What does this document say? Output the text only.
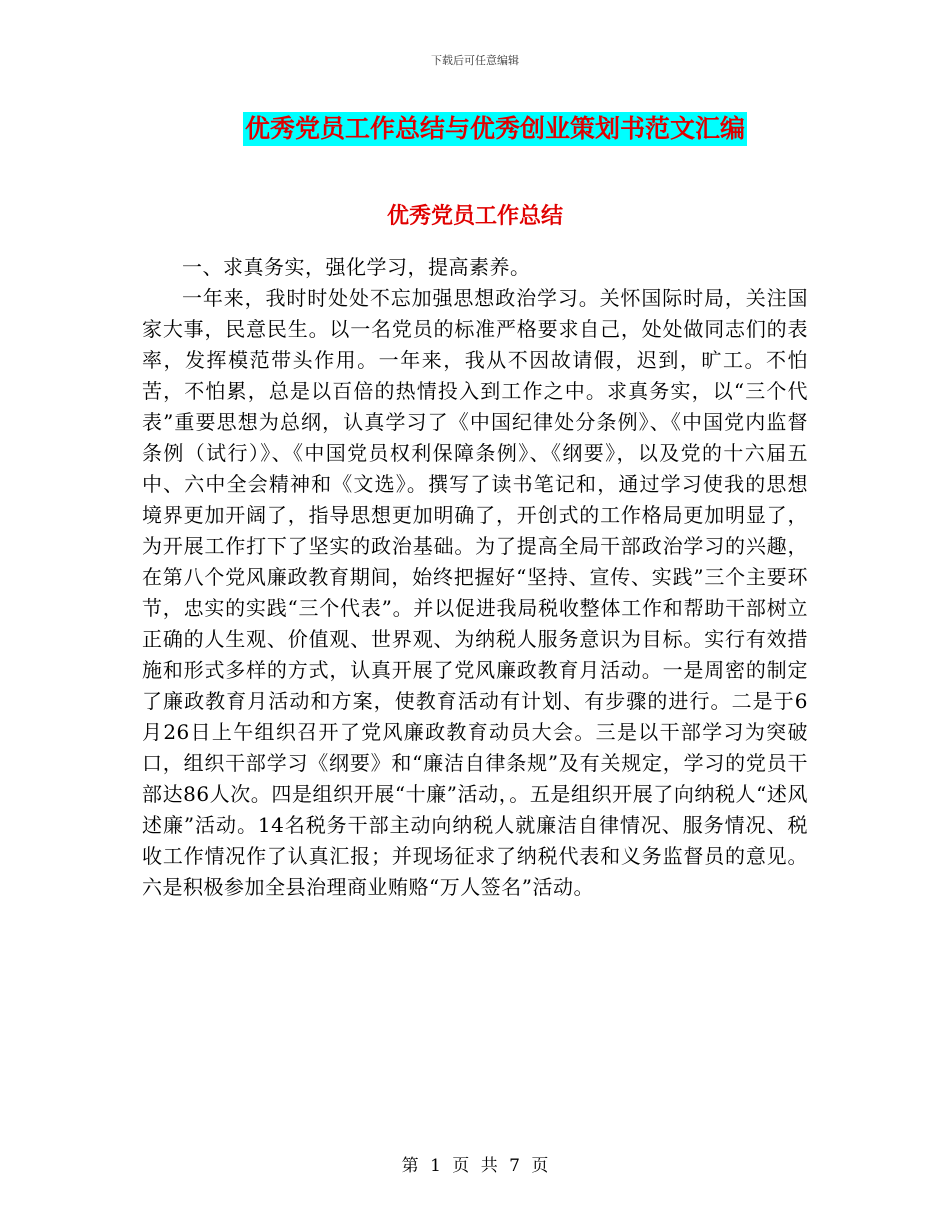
下载后可任意编辑
优秀党员工作总结与优秀创业策划书范文汇编
优秀党员工作总结

一、求真务实，强化学习，提高素养。

一年来，我时时处处不忘加强思想政治学习。关怀国际时局，关注国家大事，民意民生。以一名党员的标准严格要求自己，处处做同志们的表率，发挥模范带头作用。一年来，我从不因故请假，迟到，旷工。不怕苦，不怕累，总是以百倍的热情投入到工作之中。求真务实，以“三个代表”重要思想为总纲，认真学习了《中国纪律处分条例》、《中国党内监督条例（试行）》、《中国党员权利保障条例》、《纲要》，以及党的十六届五中、六中全会精神和《文选》。撰写了读书笔记和，通过学习使我的思想境界更加开阔了，指导思想更加明确了，开创式的工作格局更加明显了，为开展工作打下了坚实的政治基础。为了提高全局干部政治学习的兴趣，在第八个党风廉政教育期间，始终把握好“坚持、宣传、实践”三个主要环节，忠实的实践“三个代表”。并以促进我局税收整体工作和帮助干部树立正确的人生观、价值观、世界观、为纳税人服务意识为目标。实行有效措施和形式多样的方式，认真开展了党风廉政教育月活动。一是周密的制定了廉政教育月活动和方案，使教育活动有计划、有步骤的进行。二是于6月26日上午组织召开了党风廉政教育动员大会。三是以干部学习为突破口，组织干部学习《纲要》和“廉洁自律条规”及有关规定，学习的党员干部达86人次。四是组织开展“十廉”活动，。五是组织开展了向纳税人“述风述廉”活动。14名税务干部主动向纳税人就廉洁自律情况、服务情况、税收工作情况作了认真汇报；并现场征求了纳税代表和义务监督员的意见。六是积极参加全县治理商业贿赂“万人签名”活动。

第 1 页 共 7 页
